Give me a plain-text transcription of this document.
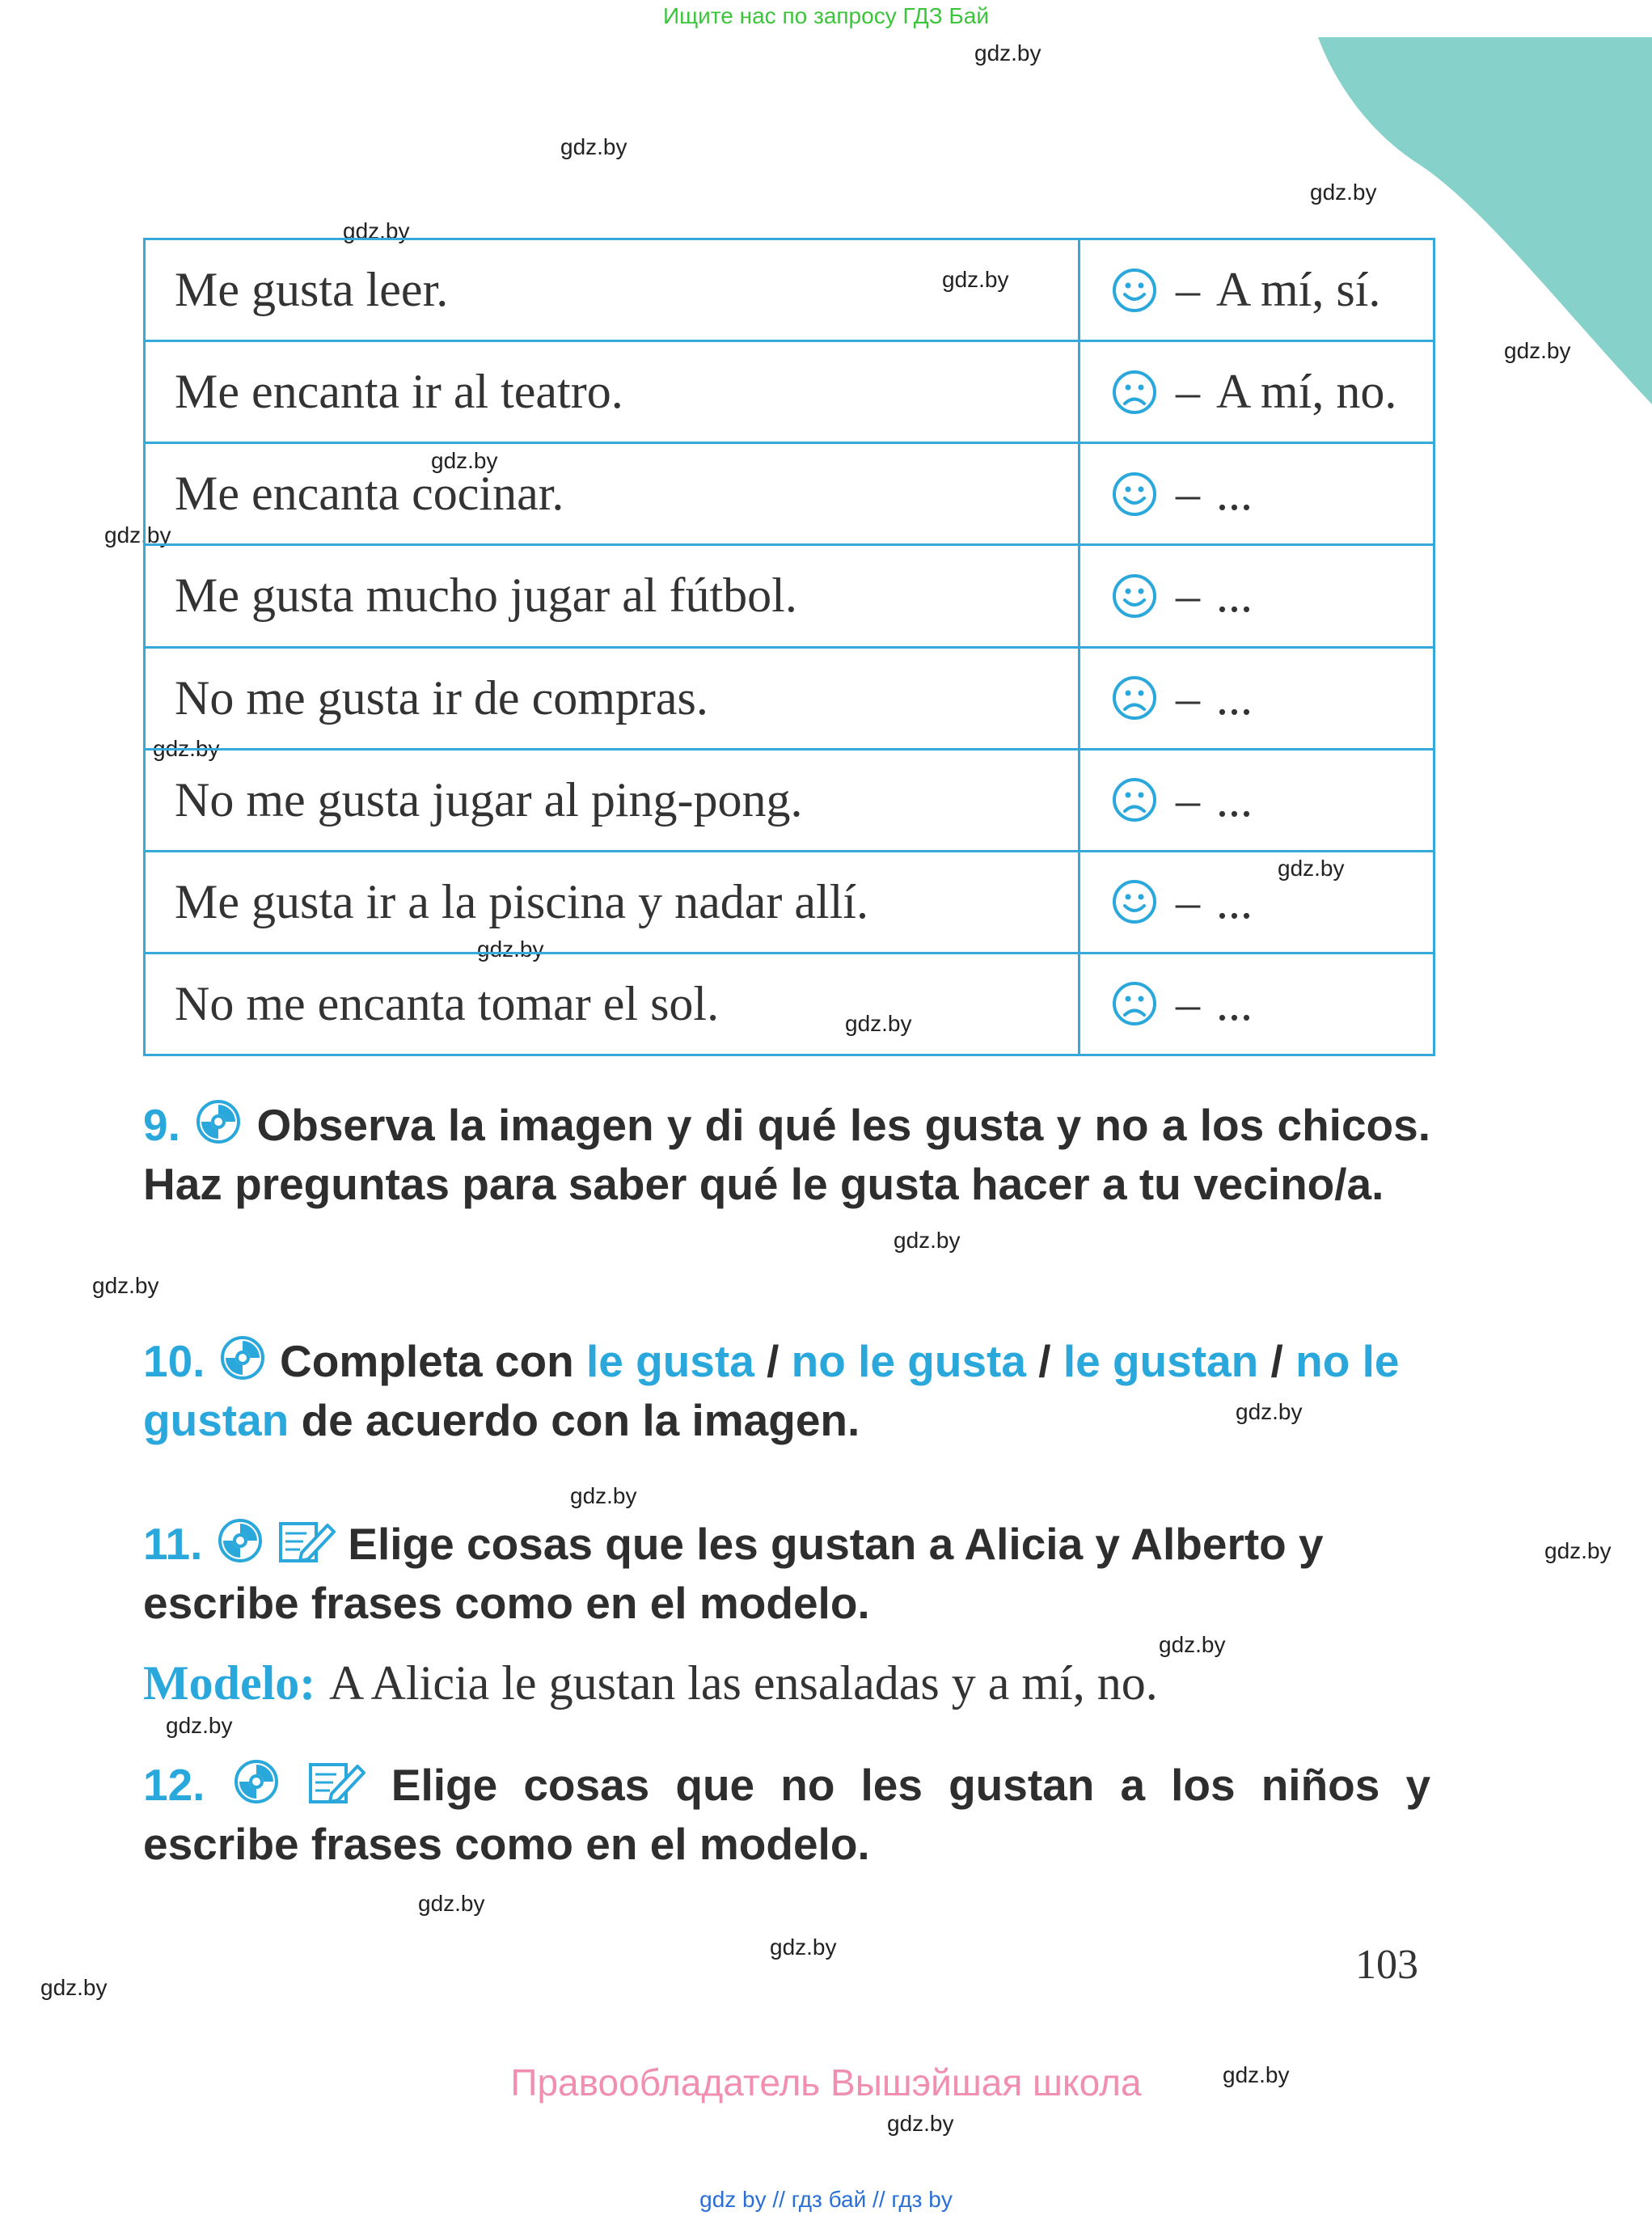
Ищите нас по запросу ГДЗ Бай
gdz.by
gdz.by
gdz.by
gdz.by
gdz.by
gdz.by
gdz.by
gdz.by
gdz.by
gdz.by
gdz.by
gdz.by
gdz.by
gdz.by
gdz.by
gdz.by
gdz.by
gdz.by
gdz.by
gdz.by
gdz.by
gdz.by
gdz.by
gdz.by
Me gusta leer.	– A mí, sí.

Me encanta ir al teatro.	– A mí, no.

Me encanta cocinar.	– ...

Me gusta mucho jugar al fútbol.	– ...

No me gusta ir de compras.	– ...

No me gusta jugar al ping-pong.	– ...

Me gusta ir a la piscina y nadar allí.	– ...

No me encanta tomar el sol.	– ...
9. Observa la imagen y di qué les gusta y no a los chicos. Haz preguntas para saber qué le gusta hacer a tu vecino/a.
10. Completa con le gusta / no le gusta / le gustan / no le gustan de acuerdo con la imagen.
11.	Elige cosas que les gustan a Alicia y Alberto y escribe frases como en el modelo.
Modelo: A Alicia le gustan las ensaladas y a mí, no.
12.	Elige cosas que no les gustan a los niños y escribe frases como en el modelo.
103
Правообладатель Вышэйшая школа
gdz by // гдз бай // гдз by
